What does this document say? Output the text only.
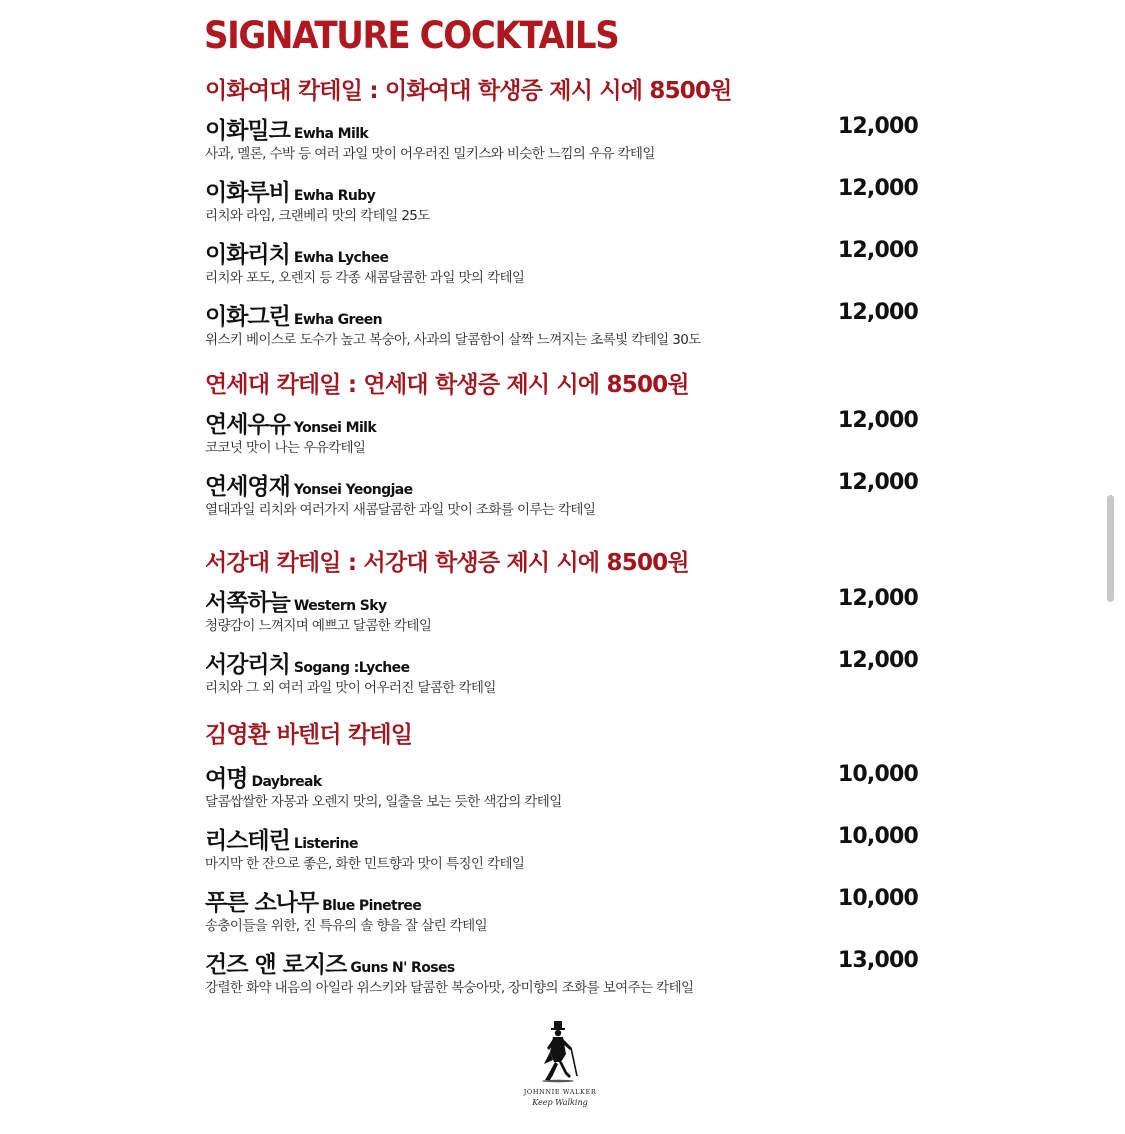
SIGNATURE COCKTAILS
이화여대 칵테일 : 이화여대 학생증 제시 시에 8500원
이화밀크 Ewha Milk
사과, 멜론, 수박 등 여러 과일 맛이 어우러진 밀키스와 비슷한 느낌의 우유 칵테일
12,000
이화루비 Ewha Ruby
리치와 라임, 크랜베리 맛의 칵테일 25도
12,000
이화리치 Ewha Lychee
리치와 포도, 오렌지 등 각종 새콤달콤한 과일 맛의 칵테일
12,000
이화그린 Ewha Green
위스키 베이스로 도수가 높고 복숭아, 사과의 달콤함이 살짝 느껴지는 초록빛 칵테일 30도
12,000
연세대 칵테일 : 연세대 학생증 제시 시에 8500원
연세우유 Yonsei Milk
코코넛 맛이 나는 우유칵테일
12,000
연세영재 Yonsei Yeongjae
열대과일 리치와 여러가지 새콤달콤한 과일 맛이 조화를 이루는 칵테일
12,000
서강대 칵테일 : 서강대 학생증 제시 시에 8500원
서쪽하늘 Western Sky
청량감이 느껴지며 예쁘고 달콤한 칵테일
12,000
서강리치 Sogang :Lychee
리치와 그 외 여러 과일 맛이 어우러진 달콤한 칵테일
12,000
김영환 바텐더 칵테일
여명 Daybreak
달콤쌉쌀한 자몽과 오렌지 맛의, 일출을 보는 듯한 색감의 칵테일
10,000
리스테린 Listerine
마지막 한 잔으로 좋은, 화한 민트향과 맛이 특징인 칵테일
10,000
푸른 소나무 Blue Pinetree
송충이들을 위한, 진 특유의 솔 향을 잘 살린 칵테일
10,000
건즈 앤 로지즈 Guns N' Roses
강렬한 화약 내음의 아일라 위스키와 달콤한 복숭아맛, 장미향의 조화를 보여주는 칵테일
13,000
JOHNNIE WALKER
Keep Walking
